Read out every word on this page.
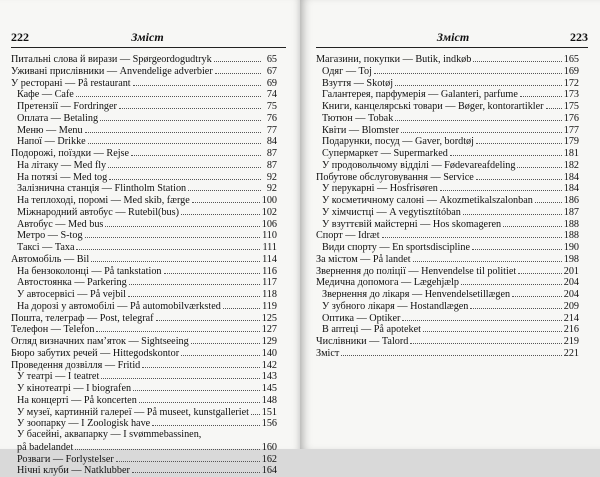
222	Зміст
Питальні слова й вирази — Spørgeordogudtryk	65
Уживані прислівники — Anvendelige adverbier	67
У ресторані — På restaurant	69
Кафе — Cafe	74
Претензії — Fordringer	75
Оплата — Betaling	76
Меню — Menu	77
Напої — Drikke	84
Подорожі, поїздки — Rejse	87
На літаку — Med fly	87
На потязі — Med tog	92
Залізнична станція — Flintholm Station	92
На теплоході, поромі — Med skib, færge	100
Міжнародний автобус — Rutebil(bus)	102
Автобус — Med bus	106
Метро — S-tog	110
Таксі — Taxa	111
Автомобіль — Bil	114
На бензоколонці — På tankstation	116
Автостоянка — Parkering	117
У автосервісі — På vejbil	118
На дорозі у автомобілі — På automobilværksted	119
Пошта, телеграф — Post, telegraf	125
Телефон — Telefon	127
Огляд визначних пам’яток — Sightseeing	129
Бюро забутих речей — Hittegodskontor	140
Проведення дозвілля — Fritid	142
У театрі — I teatret	143
У кінотеатрі — I biografen	145
На концерті — På koncerten	148
У музеї, картинній галереї — På museet, kunstgalleriet 151
У зоопарку — I Zoologisk have	156
У басейні, аквапарку — I svømmebassinen,
på badelandet	160
Розваги — Forlystelser	162
Нічні клуби — Natklubber	164
Зміст	223
Магазини, покупки — Butik, indkøb	165
Одяг — Toj	169
Взуття — Skotøj	172
Галантерея, парфумерія — Galanteri, parfume	173
Книги, канцелярські товари — Bøger, kontorartikler 175
Тютюн — Tobak	176
Квіти — Blomster	177
Подарунки, посуд — Gaver, bordtøj	179
Супермаркет — Supermarked	181
У продовольчому відділі — Fødevareafdeling	182
Побутове обслуговування — Service	184
У перукарні — Hosfrisøren	184
У косметичному салоні — Akozmetikalszalonban	186
У хімчистці — A vegytisztítóban	187
У взуттєвій майстерні — Hos skomageren	188
Спорт — Idræt	188
Види спорту — En sportsdisciplinе	190
За містом — På landet	198
Звернення до поліції — Henvendelse til politiet	201
Медична допомога — Lægehjælp	204
Звернення до лікаря — Henvendelsetillægen	204
У зубного лікаря — Hostandlægen	209
Оптика — Optiker	214
В аптеці — På apoteket	216
Числівники — Talord	219
Зміст	221
